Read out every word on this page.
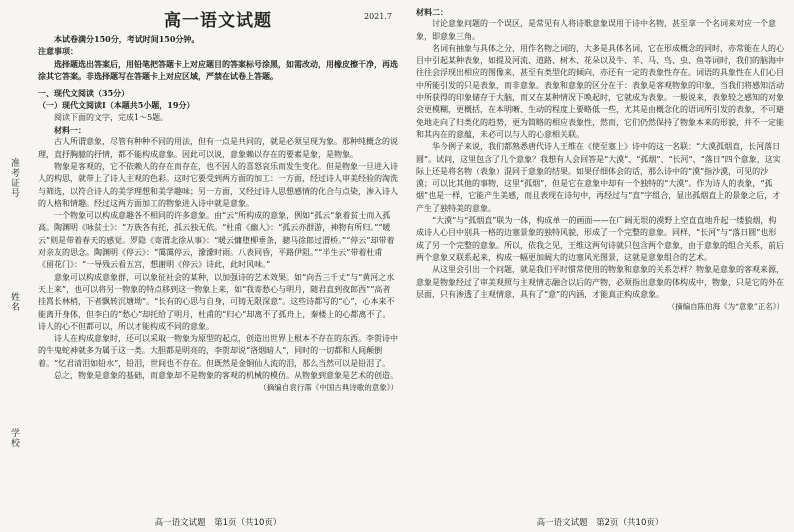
准考证号
姓名
学校
高一语文试题	2021.7

本试卷满分150分，考试时间150分钟。

注意事项：

选择题选出答案后，用铅笔把答题卡上对应题目的答案标号涂黑，如需改动，用橡皮擦干净，再选涂其它答案。非选择题写在答题卡上对应区域，严禁在试卷上答题。

一、现代文阅读（35分）

（一）现代文阅读Ⅰ（本题共5小题，19分）

阅读下面的文字，完成1～5题。

材料一：

古人所谓意象，尽管有种种不同的用法，但有一点是共同的，就是必须呈现为象。那种纯概念的说理，直抒胸臆的抒情，都不能构成意象。因此可以说，意象赖以存在的要素是象，是物象。

物象是客观的，它不依赖人的存在而存在，也不因人的喜怒哀乐而发生变化。但是物象一旦进入诗人的构思，就带上了诗人主观的色彩。这时它要受到两方面的加工：一方面，经过诗人审美经验的淘洗与筛选，以符合诗人的美学理想和美学趣味；另一方面，又经过诗人思想感情的化合与点染，渗入诗人的人格和情趣。经过这两方面加工的物象进入诗中就是意象。

一个物象可以构成意趣各不相同的许多意象。由“云”所构成的意象，例如“孤云”象着贫士而入孤高。陶渊明《咏贫士》：“万族各有托，孤云独无依。“杜甫《幽人》：“孤云亦群游，神物有所归。”“暖云”则是带着春天的感觉。罗隐《寄渭北徐从事》：“暖云慵堕柳垂条，骢马徐郎过渭桥。”“停云”却带着对亲友的思念。陶渊明《停云》：“霭霭停云，濛濛时雨。八表同昏，平路伊阻。”“半生云”带着杜甫《留花门》：“一导残云看五宫，想谢明《停云》诗此，此时风味。”

意象可以构成意象群，可以象征社会的某种，以加强诗的艺术效果。如“向吾三千丈”与“黄河之水天上来”，也可以将另一物象的特点移到这一物象上来，如“我寄愁心与明月，随君直到夜郎西”“高者挂罥长林梢，下者飘转沉塘坳”。“长有的心思与自身，可铸无限深意”。这些诗都写的“心”，心本来不能离开身体，但李白的“愁心”却托给了明月，杜甫的“归心”却离不了孤舟上，秦楼上的心都离不了。诗人的心不但都可以，所以才能构成不同的意象。

诗人在构成意象时，还可以采取一物象为原型的起点，创造出世界上根本不存在的东西。李贺诗中的牛鬼蛇神就多为属于这一类。大胆都是明亮的，李贺却说“洛烟暗人”，同时的一切都和人间颠倒着。“忆君清泪如铅水”，铅泪，世间也不存在。但既然是金铜仙人流的泪，那么当然可以是铅泪了。

总之，物象是意象的基础，而意象却不是物象的客观的机械的模仿。从物象到意象是艺术的创造。

（摘编自袁行霈《中国古典诗歌的意象》）

高一语文试题　第1页（共10页）

材料二：

讨论意象问题的一个误区，是常见有人将诗歌意象误用于诗中名物，甚至拿一个名词来对应一个意象，即意象三角。

名词有抽象与具体之分，用作名物之词的，大多是具体名词，它在形成概念的同时，亦常能在人的心目中引起某种表象，如提及河流、道路、树木、花朵以及牛、羊、马、鸟、虫、鱼等词时，我们的脑海中往往会浮现出相应的图像来，甚至有类型化的倾向，亦还有一定的表象性存在。词语的具象性在人们心目中所能引发的只是表象，而非意象。表象和意象的区分在于：表象是客观物象的印象，当我们将感知活动中所获得的印象储存于大脑，而又在某种情况下唤起时，它就成为表象。一般说来，表象较之感知的对象会更模糊，更概括，在本明晰、生动的程度上要略低一些，尤其是由概念化的语词所引发的表象，不可避免地走向了归类化的趋势，更为简略的相应表象性，然而，它们仍然保持了物象本来的形貌，并不一定能和其内在的意蕴，未必可以与人的心意相关联。

华今例子来说，我们都熟悉唐代诗人王维在《使至塞上》诗中的这一名联：“大漠孤烟直，长河落日圆”。试问，这里包含了几个意象？我想有人会回答是“大漠”、“孤烟”、“长河”、“落日”四个意象，这实际上还是将名物（表象）混同于意象的结果。如果仔细体会的话，那么诗中的“漠”指沙漠，可见的沙漠；可以比其他的事物，这里“孤烟”，但是它在意象中却有一个独特的“大漠”。作为诗人的表象，“孤烟”也是一样，它能产生美感，而且表现在诗句中，再经过与“直”字组合，显出孤烟直上的景象之后，才产生了独特美的意象。

“大漠”与“孤烟直”联为一体，构成单一的画面——在广阔无垠的漠野上空直直地升起一缕狼烟，构成诗人心目中别具一格的边塞景象的独特风貌，形成了一个完整的意象。同样，“长河”与“落日圆”也形成了另一个完整的意象。所以，依我之见，王维这两句诗就只包含两个意象，由于意象的组合关系，前后两个意象又联系起来，构成一幅更加阔大的边塞风光图景，这就是意象组合的艺术。

从这里会引出一个问题，就是我们平时惯常使用的物象和意象的关系怎样？物象是意象的客观来源，意象是物象经过了审美观照与主观情志融合以后的产物，必须指出意象的体构成中，物象，只是它的外在层面，只有渗透了主观情意，具有了“意”的内涵，才能真正构成意象。

（摘编自陈伯海《为“意象”正名》）

高一语文试题　第2页（共10页）
